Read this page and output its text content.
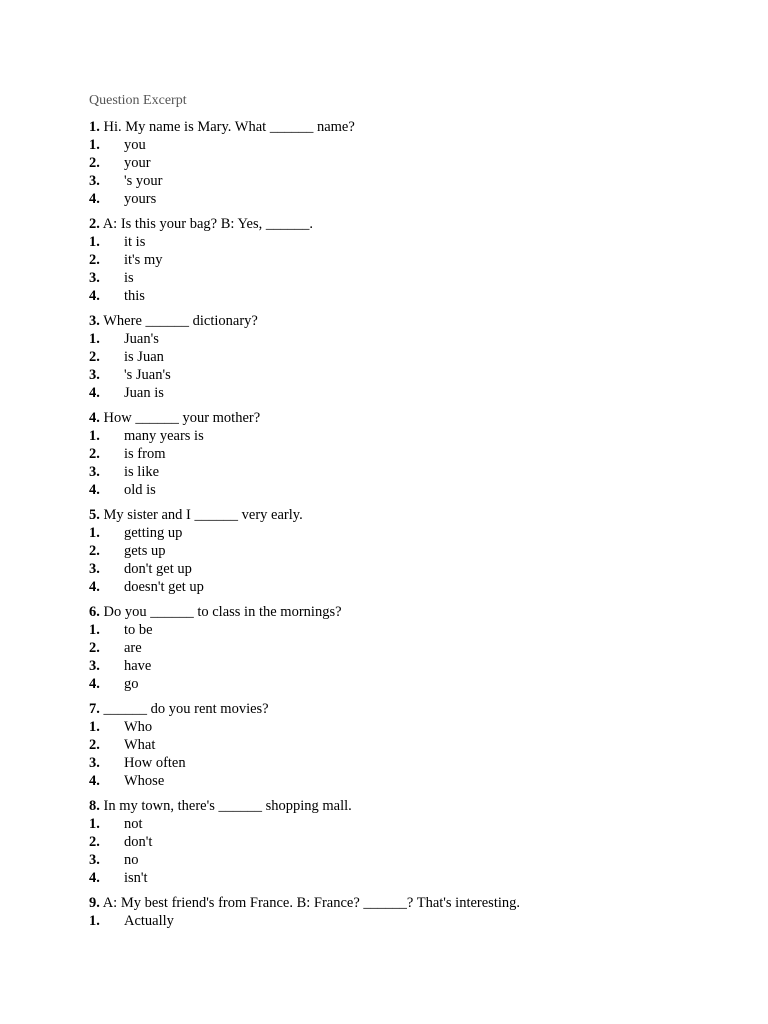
Question Excerpt
1. Hi. My name is Mary. What ______ name?
1.	you
2.	your
3.	's your
4.	yours
2. A: Is this your bag? B: Yes, ______.
1.	it is
2.	it's my
3.	is
4.	this
3. Where ______ dictionary?
1.	Juan's
2.	is Juan
3.	's Juan's
4.	Juan is
4. How ______ your mother?
1.	many years is
2.	is from
3.	is like
4.	old is
5. My sister and I ______ very early.
1.	getting up
2.	gets up
3.	don't get up
4.	doesn't get up
6. Do you ______ to class in the mornings?
1.	to be
2.	are
3.	have
4.	go
7. ______ do you rent movies?
1.	Who
2.	What
3.	How often
4.	Whose
8. In my town, there's ______ shopping mall.
1.	not
2.	don't
3.	no
4.	isn't
9. A: My best friend's from France. B: France? ______? That's interesting.
1.	Actually
